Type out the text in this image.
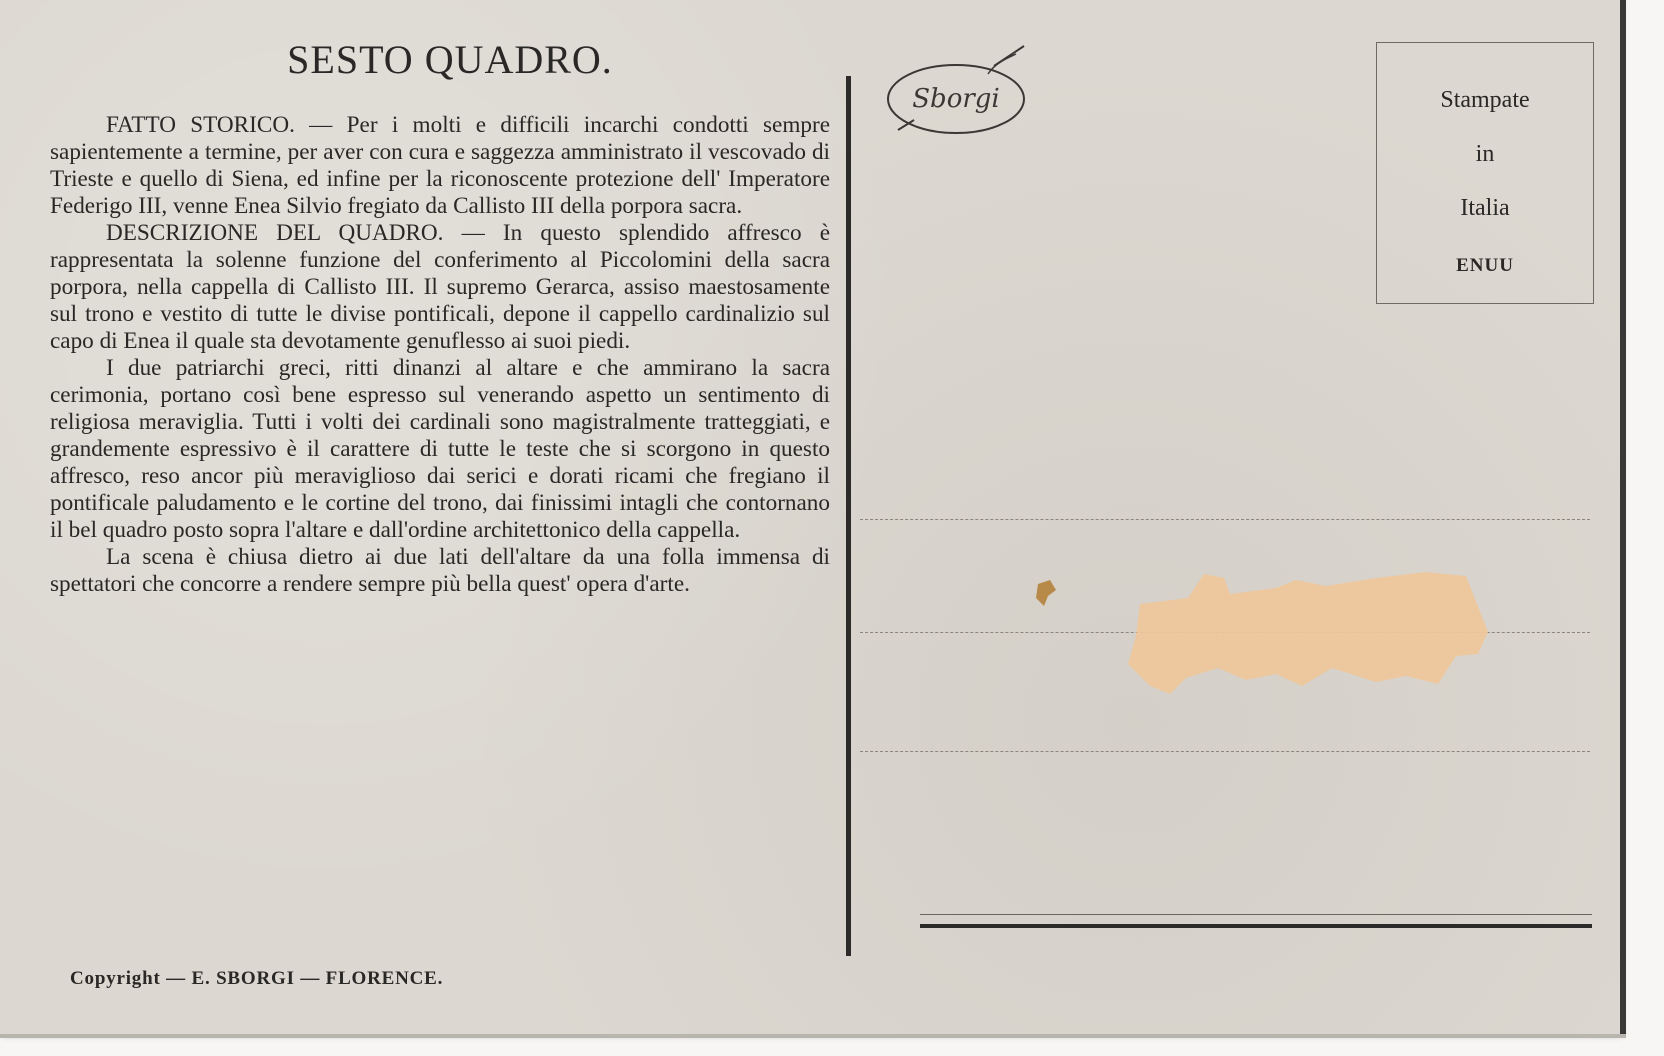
SESTO QUADRO.

FATTO STORICO. — Per i molti e difficili incarchi condotti sempre sapientemente a termine, per aver con cura e saggezza amministrato il vescovado di Trieste e quello di Siena, ed infine per la riconoscente protezione dell' Imperatore Federigo III, venne Enea Silvio fregiato da Callisto III della porpora sacra.

DESCRIZIONE DEL QUADRO. — In questo splendido affresco è rappresentata la solenne funzione del conferimento al Piccolomini della sacra porpora, nella cappella di Callisto III. Il supremo Gerarca, assiso maestosamente sul trono e vestito di tutte le divise pontificali, depone il cappello cardinalizio sul capo di Enea il quale sta devotamente genuflesso ai suoi piedi.

I due patriarchi greci, ritti dinanzi al altare e che ammirano la sacra cerimonia, portano così bene espresso sul venerando aspetto un sentimento di religiosa meraviglia. Tutti i volti dei cardinali sono magistralmente tratteggiati, e grandemente espressivo è il carattere di tutte le teste che si scorgono in questo affresco, reso ancor più meraviglioso dai serici e dorati ricami che fregiano il pontificale paludamento e le cortine del trono, dai finissimi intagli che contornano il bel quadro posto sopra l'altare e dall'ordine architettonico della cappella.

La scena è chiusa dietro ai due lati dell'altare da una folla immensa di spettatori che concorre a rendere sempre più bella quest' opera d'arte.

Sborgi	Stampate
in
Italia
ENUU
Copyright — E. SBORGI — FLORENCE.
